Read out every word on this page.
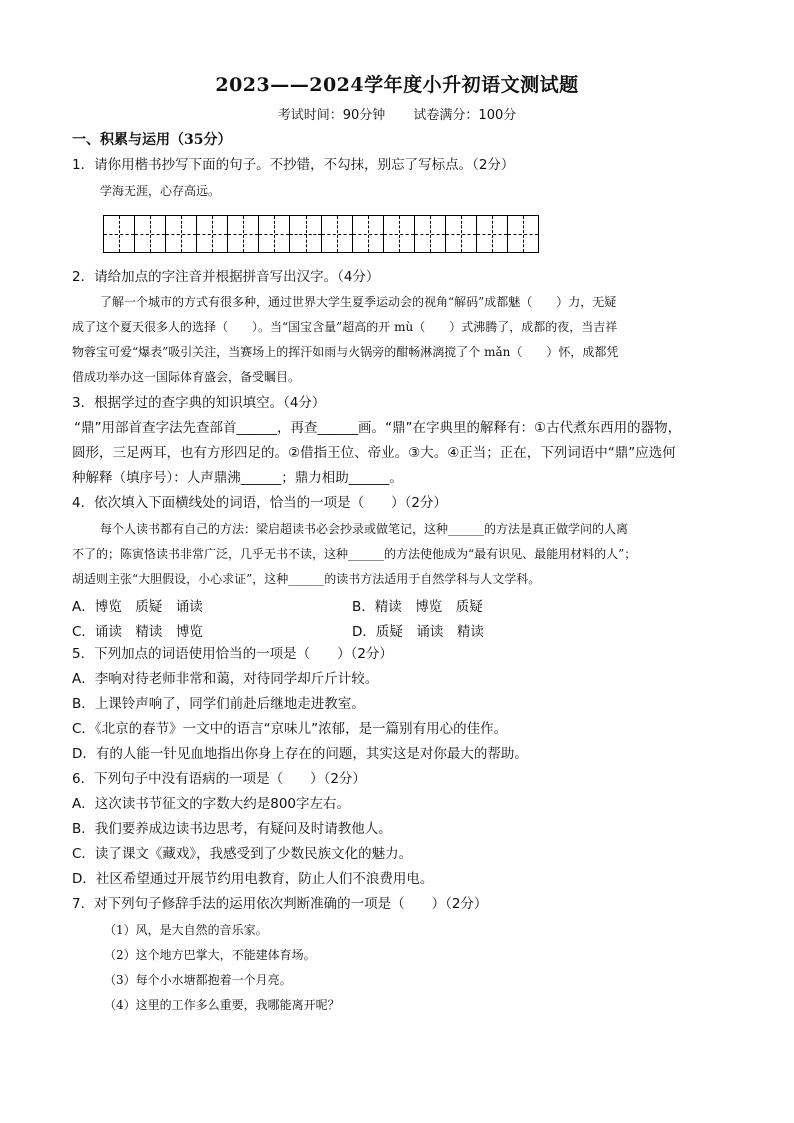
2023——2024学年度小升初语文测试题
考试时间：90分钟 试卷满分：100分
一、积累与运用（35分）
1．请你用楷书抄写下面的句子。不抄错，不勾抹，别忘了写标点。（2分）
学海无涯，心存高远。
2．请给加点的字注音并根据拼音写出汉字。（4分）
了解一个城市的方式有很多种，通过世界大学生夏季运动会的视角“解码”成都魅（　　）力，无疑
成了这个夏天很多人的选择（　　）。当“国宝含量”超高的开 mù（　　）式沸腾了，成都的夜，当吉祥
物蓉宝可爱“爆表”吸引关注，当赛场上的挥汗如雨与火锅旁的酣畅淋漓搅了个 mǎn（　　）怀，成都凭
借成功举办这一国际体育盛会，备受瞩目。
3．根据学过的查字典的知识填空。（4分）
“鼎”用部首查字法先查部首______，再查______画。“鼎”在字典里的解释有：①古代煮东西用的器物，
圆形，三足两耳，也有方形四足的。②借指王位、帝业。③大。④正当；正在，下列词语中“鼎”应选何
种解释（填序号）：人声鼎沸______；鼎力相助______。
4．依次填入下面横线处的词语，恰当的一项是（　　）（2分）
每个人读书都有自己的方法：梁启超读书必会抄录或做笔记，这种______的方法是真正做学问的人离
不了的；陈寅恪读书非常广泛，几乎无书不读，这种______的方法使他成为“最有识见、最能用材料的人”；
胡适则主张“大胆假设，小心求证”，这种______的读书方法适用于自然学科与人文学科。
A．博览　质疑　诵读	B．精读　博览　质疑
C．诵读　精读　博览	D．质疑　诵读　精读
5．下列加点的词语使用恰当的一项是（　　）（2分）
A．李响对待老师非常和蔼，对待同学却斤斤计较。
B．上课铃声响了，同学们前赴后继地走进教室。
C．《北京的春节》一文中的语言“京味儿”浓郁，是一篇别有用心的佳作。
D．有的人能一针见血地指出你身上存在的问题，其实这是对你最大的帮助。
6．下列句子中没有语病的一项是（　　）（2分）
A．这次读书节征文的字数大约是800字左右。
B．我们要养成边读书边思考，有疑问及时请教他人。
C．读了课文《藏戏》，我感受到了少数民族文化的魅力。
D．社区希望通过开展节约用电教育，防止人们不浪费用电。
7．对下列句子修辞手法的运用依次判断准确的一项是（　　）（2分）
（1）风，是大自然的音乐家。
（2）这个地方巴掌大，不能建体育场。
（3）每个小水塘都抱着一个月亮。
（4）这里的工作多么重要，我哪能离开呢？
